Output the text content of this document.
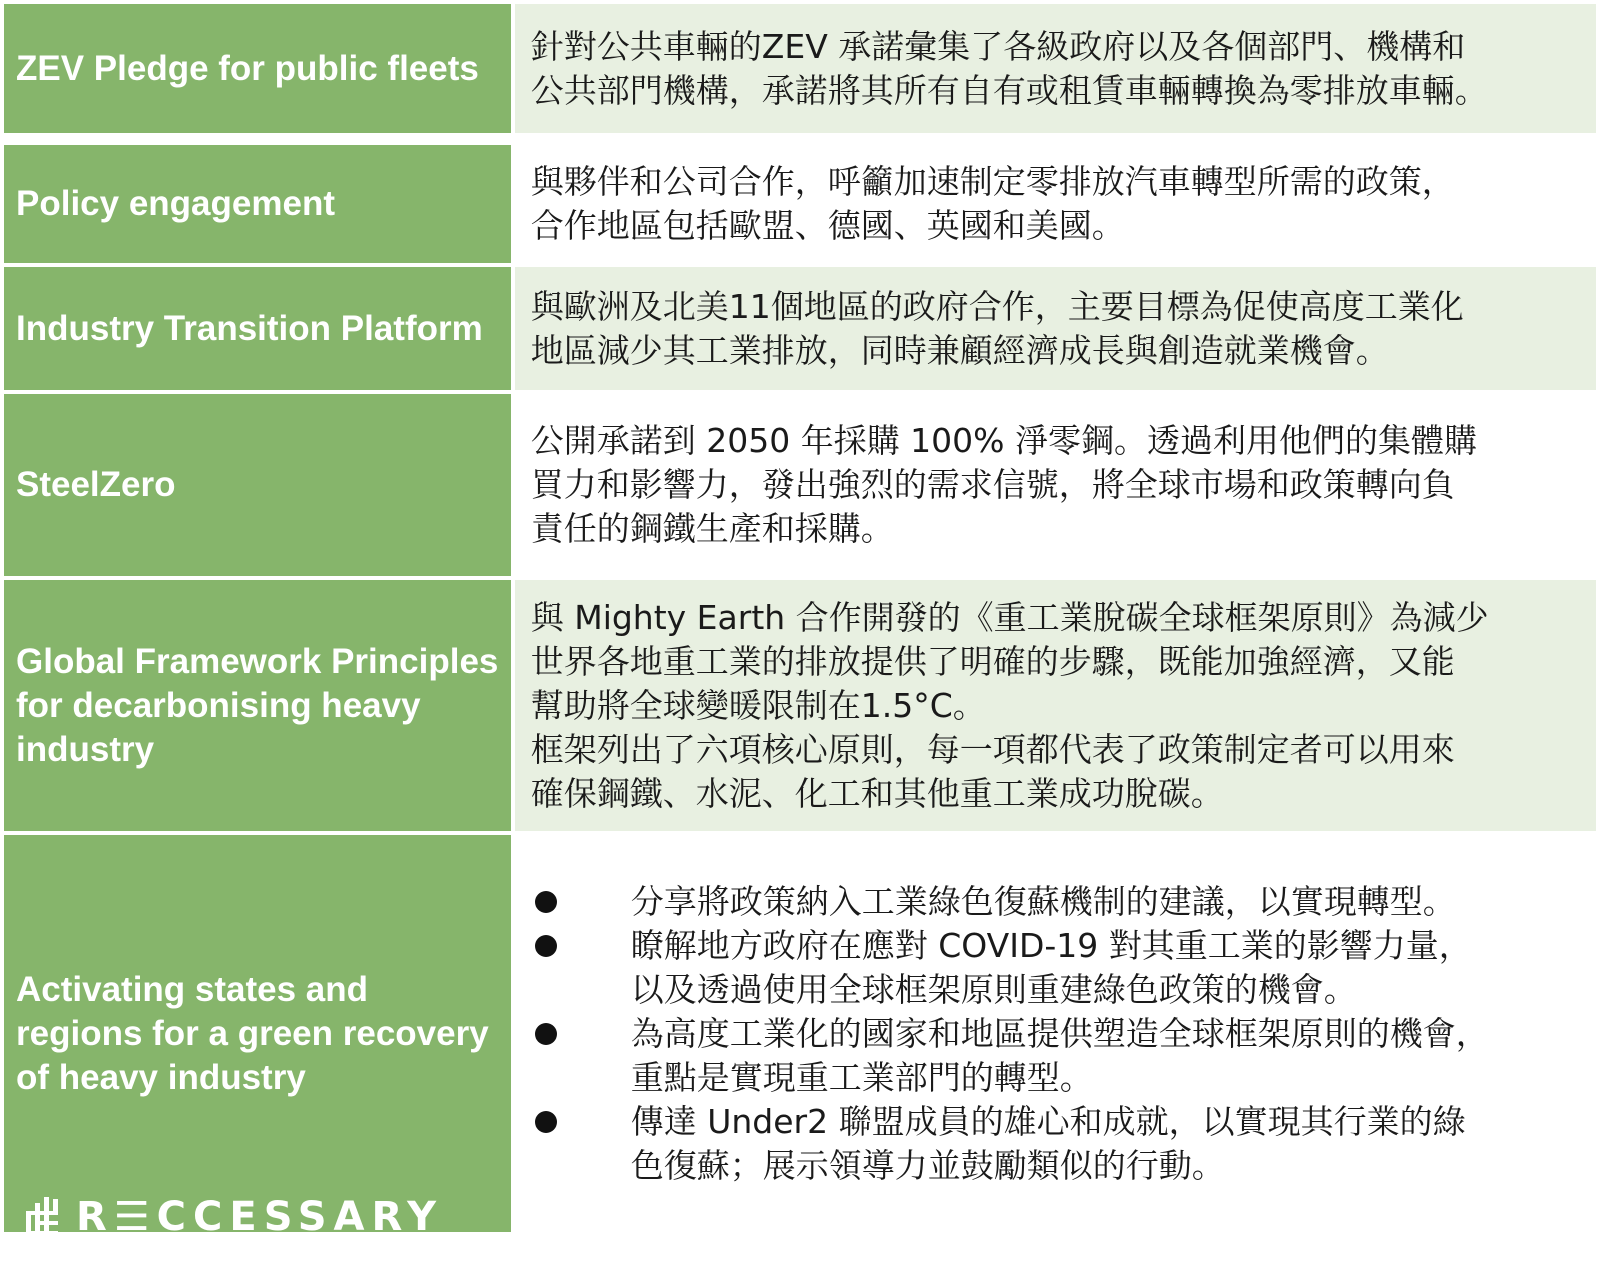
ZEV Pledge for public fleets
針對公共車輛的ZEV 承諾彙集了各級政府以及各個部門、機構和
公共部門機構，承諾將其所有自有或租賃車輛轉換為零排放車輛。
Policy engagement
與夥伴和公司合作，呼籲加速制定零排放汽車轉型所需的政策，
合作地區包括歐盟、德國、英國和美國。
Industry Transition Platform
與歐洲及北美11個地區的政府合作，主要目標為促使高度工業化
地區減少其工業排放，同時兼顧經濟成長與創造就業機會。
SteelZero
公開承諾到 2050 年採購 100% 淨零鋼。透過利用他們的集體購
買力和影響力，發出強烈的需求信號，將全球市場和政策轉向負
責任的鋼鐵生產和採購。
Global Framework Principles for decarbonising heavy industry
與 Mighty Earth 合作開發的《重工業脫碳全球框架原則》為減少
世界各地重工業的排放提供了明確的步驟，既能加強經濟，又能
幫助將全球變暖限制在1.5°C。
框架列出了六項核心原則，每一項都代表了政策制定者可以用來
確保鋼鐵、水泥、化工和其他重工業成功脫碳。
Activating states and regions for a green recovery of heavy industry
分享將政策納入工業綠色復蘇機制的建議，以實現轉型。
瞭解地方政府在應對 COVID-19 對其重工業的影響力量，
以及透過使用全球框架原則重建綠色政策的機會。
為高度工業化的國家和地區提供塑造全球框架原則的機會，
重點是實現重工業部門的轉型。
傳達 Under2 聯盟成員的雄心和成就，以實現其行業的綠
色復蘇；展示領導力並鼓勵類似的行動。
R☰CCESSARY
